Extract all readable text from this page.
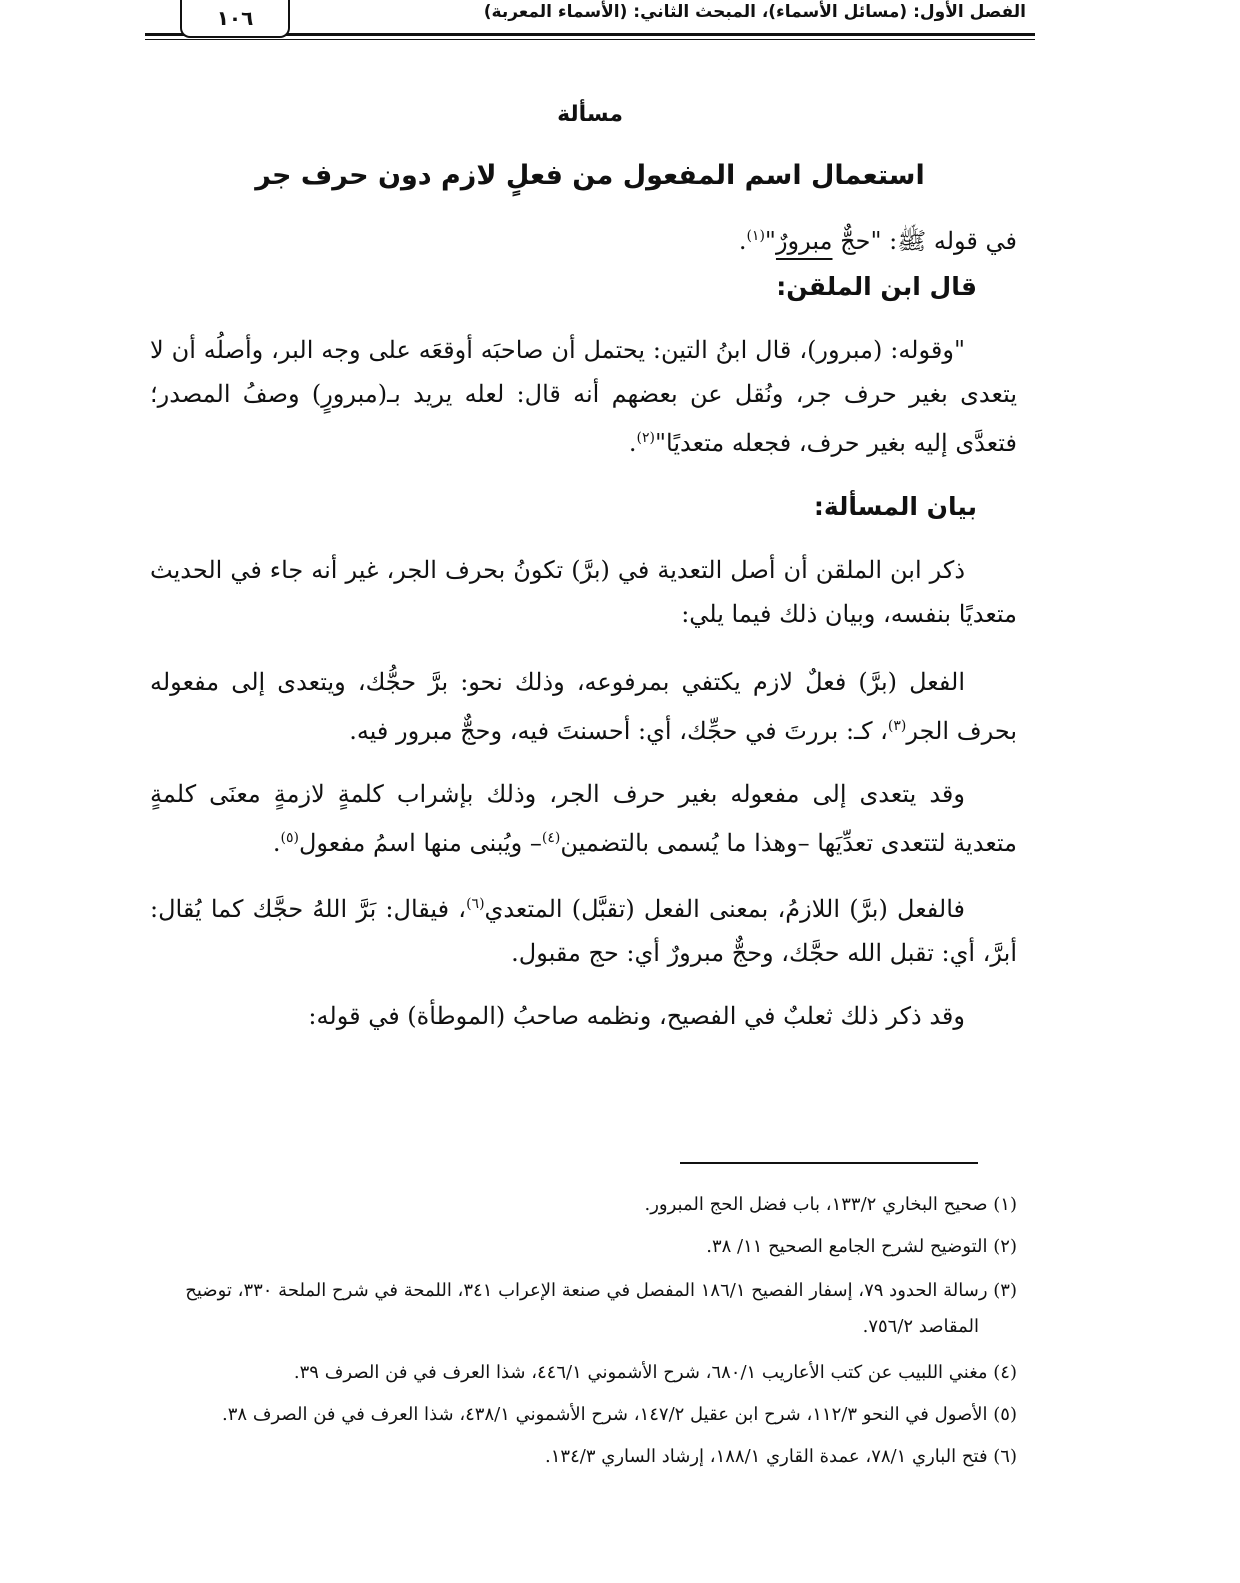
الفصل الأول: (مسائل الأسماء)، المبحث الثاني: (الأسماء المعربة)
١٠٦
مسألة
استعمال اسم المفعول من فعلٍ لازم دون حرف جر
في قوله ﷺ: "حجٌّ مبرورٌ"$^{(١)}$.
قال ابن الملقن:
"وقوله: (مبرور)، قال ابنُ التين: يحتمل أن صاحبَه أوقعَه على وجه البر، وأصلُه أن لا يتعدى بغير حرف جر، ونُقل عن بعضهم أنه قال: لعله يريد بـ(مبرورٍ) وصفُ المصدر؛ فتعدَّى إليه بغير حرف، فجعله متعديًا"$^{(٢)}$.
بيان المسألة:
ذكر ابن الملقن أن أصل التعدية في (برَّ) تكونُ بحرف الجر، غير أنه جاء في الحديث متعديًا بنفسه، وبيان ذلك فيما يلي:
الفعل (برَّ) فعلٌ لازم يكتفي بمرفوعه، وذلك نحو: برَّ حجُّك، ويتعدى إلى مفعوله بحرف الجر$^{(٣)}$، كـ: بررتَ في حجِّك، أي: أحسنتَ فيه، وحجٌّ مبرور فيه.
وقد يتعدى إلى مفعوله بغير حرف الجر، وذلك بإشراب كلمةٍ لازمةٍ معنَى كلمةٍ متعدية لتتعدى تعدِّيَها –وهذا ما يُسمى بالتضمين$^{(٤)}$– ويُبنى منها اسمُ مفعول$^{(٥)}$.
فالفعل (برَّ) اللازمُ، بمعنى الفعل (تقبَّل) المتعدي$^{(٦)}$، فيقال: بَرَّ اللهُ حجَّك كما يُقال: أبرَّ، أي: تقبل الله حجَّك، وحجٌّ مبرورٌ أي: حج مقبول.
وقد ذكر ذلك ثعلبٌ في الفصيح، ونظمه صاحبُ (الموطأة) في قوله:
(١) صحيح البخاري ١٣٣/٢، باب فضل الحج المبرور.
(٢) التوضيح لشرح الجامع الصحيح ١١/ ٣٨.
(٣) رسالة الحدود ٧٩، إسفار الفصيح ١٨٦/١ المفصل في صنعة الإعراب ٣٤١، اللمحة في شرح الملحة ٣٣٠، توضيح
المقاصد ٧٥٦/٢.
(٤) مغني اللبيب عن كتب الأعاريب ٦٨٠/١، شرح الأشموني ٤٤٦/١، شذا العرف في فن الصرف ٣٩.
(٥) الأصول في النحو ١١٢/٣، شرح ابن عقيل ١٤٧/٢، شرح الأشموني ٤٣٨/١، شذا العرف في فن الصرف ٣٨.
(٦) فتح الباري ٧٨/١، عمدة القاري ١٨٨/١، إرشاد الساري ١٣٤/٣.
